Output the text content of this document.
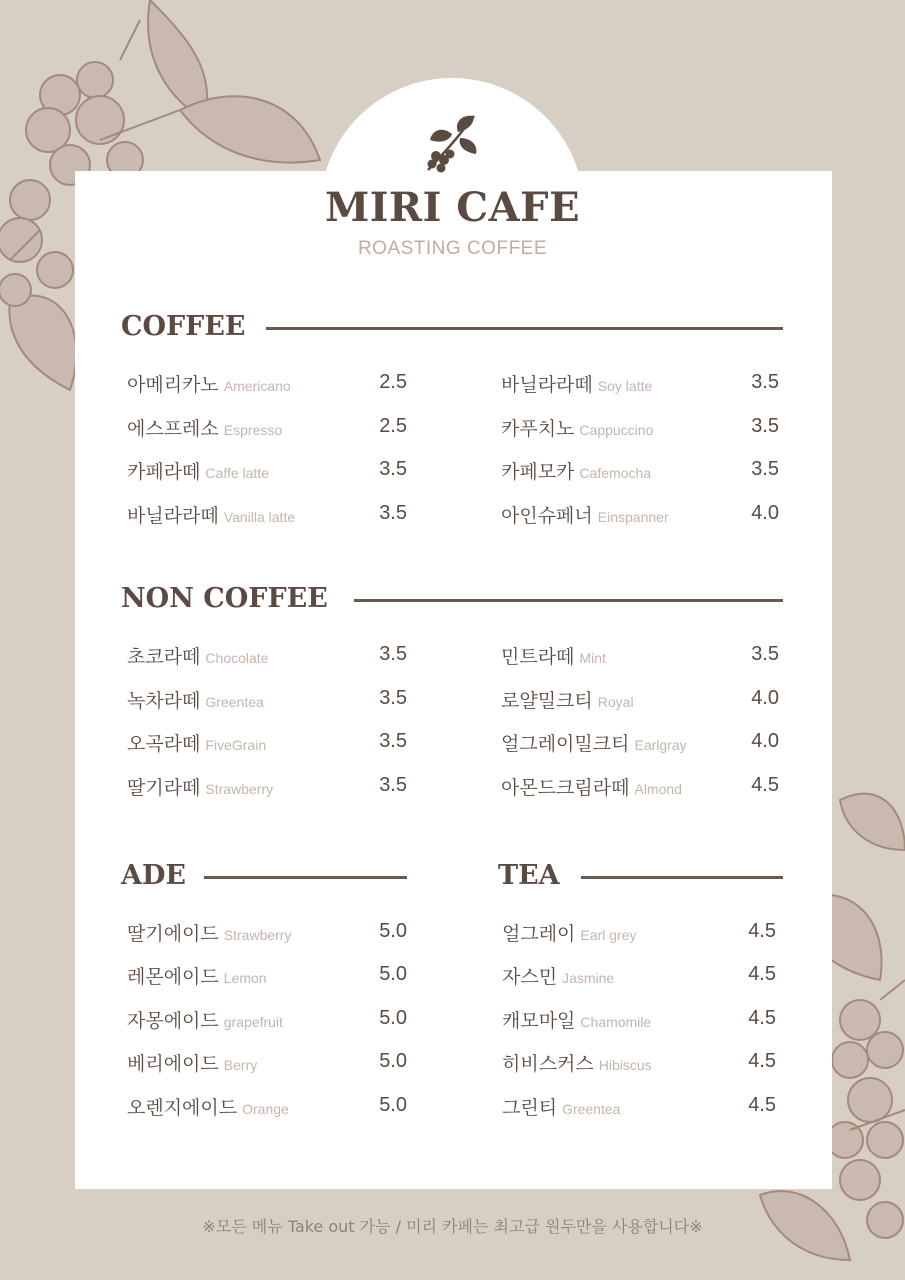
MIRI CAFE
ROASTING COFFEE
COFFEE
아메리카노 Americano	2.5
에스프레소 Espresso	2.5
카페라떼 Caffe latte	3.5
바닐라라떼 Vanilla latte	3.5
바닐라라떼 Soy latte	3.5
카푸치노 Cappuccino	3.5
카페모카 Cafemocha	3.5
아인슈페너 Einspanner	4.0
NON COFFEE
초코라떼 Chocolate	3.5
녹차라떼 Greentea	3.5
오곡라떼 FiveGrain	3.5
딸기라떼 Strawberry	3.5
민트라떼 Mint	3.5
로얄밀크티 Royal	4.0
얼그레이밀크티 Earlgray	4.0
아몬드크림라떼 Almond	4.5
ADE
딸기에이드 Strawberry	5.0
레몬에이드 Lemon	5.0
자몽에이드 grapefruit	5.0
베리에이드 Berry	5.0
오렌지에이드 Orange	5.0
TEA
얼그레이 Earl grey	4.5
자스민 Jasmine	4.5
캐모마일 Chamomile	4.5
히비스커스 Hibiscus	4.5
그린티 Greentea	4.5
※모든 메뉴 Take out 가능 / 미리 카페는 최고급 원두만을 사용합니다※
